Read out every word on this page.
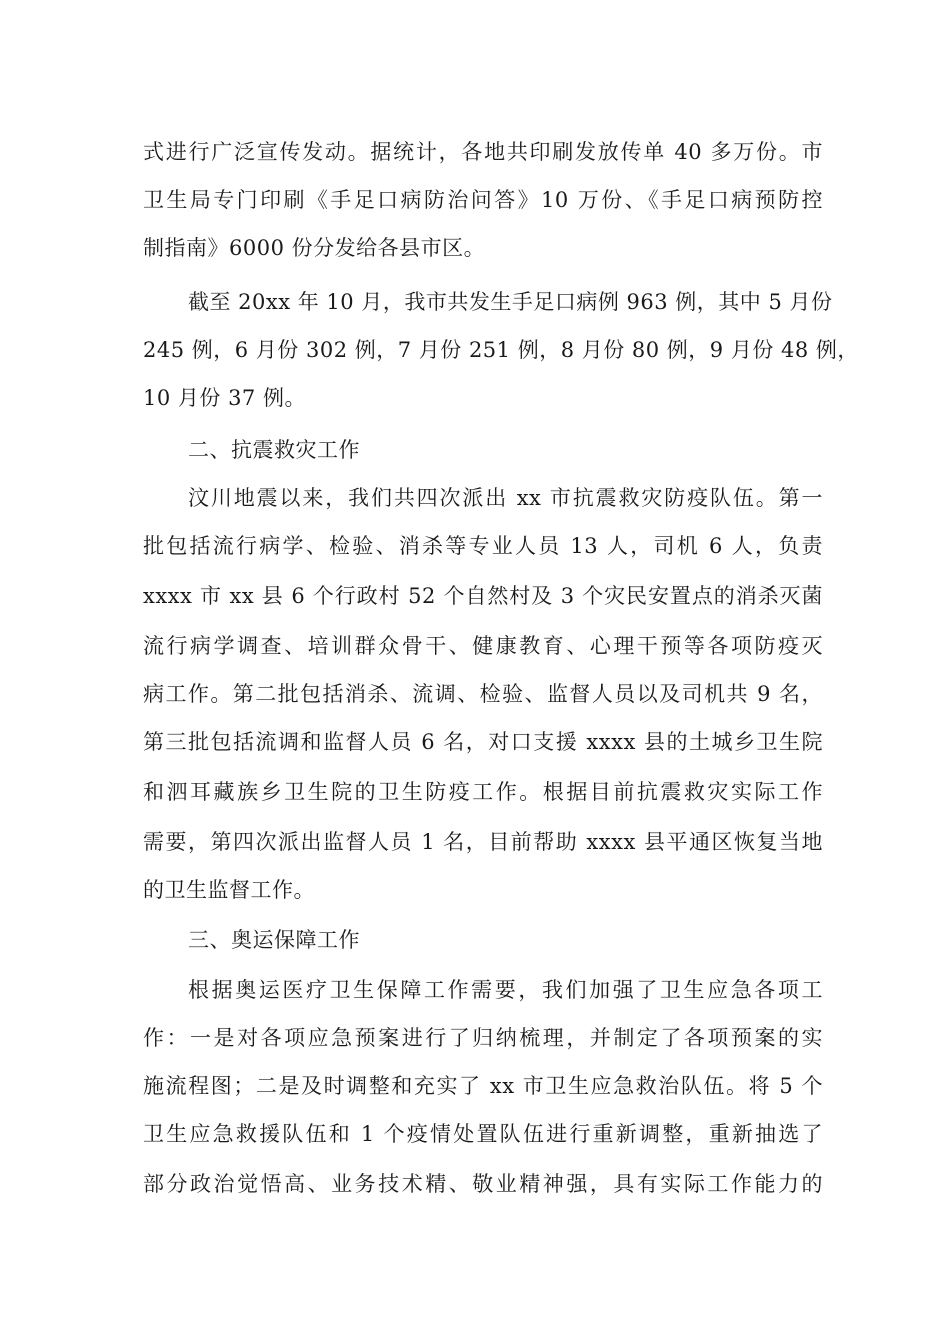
式进行广泛宣传发动。据统计，各地共印刷发放传单 40 多万份。市
卫生局专门印刷《手足口病防治问答》10 万份、《手足口病预防控
制指南》6000 份分发给各县市区。
截至 20xx 年 10 月，我市共发生手足口病例 963 例，其中 5 月份
245 例，6 月份 302 例，7 月份 251 例，8 月份 80 例，9 月份 48 例，
10 月份 37 例。
二、抗震救灾工作
汶川地震以来，我们共四次派出 xx 市抗震救灾防疫队伍。第一
批包括流行病学、检验、消杀等专业人员 13 人，司机 6 人，负责
xxxx 市 xx 县 6 个行政村 52 个自然村及 3 个灾民安置点的消杀灭菌
流行病学调查、培训群众骨干、健康教育、心理干预等各项防疫灭
病工作。第二批包括消杀、流调、检验、监督人员以及司机共 9 名，
第三批包括流调和监督人员 6 名，对口支援 xxxx 县的土城乡卫生院
和泗耳藏族乡卫生院的卫生防疫工作。根据目前抗震救灾实际工作
需要，第四次派出监督人员 1 名，目前帮助 xxxx 县平通区恢复当地
的卫生监督工作。
三、奥运保障工作
根据奥运医疗卫生保障工作需要，我们加强了卫生应急各项工
作：一是对各项应急预案进行了归纳梳理，并制定了各项预案的实
施流程图；二是及时调整和充实了 xx 市卫生应急救治队伍。将 5 个
卫生应急救援队伍和 1 个疫情处置队伍进行重新调整，重新抽选了
部分政治觉悟高、业务技术精、敬业精神强，具有实际工作能力的
